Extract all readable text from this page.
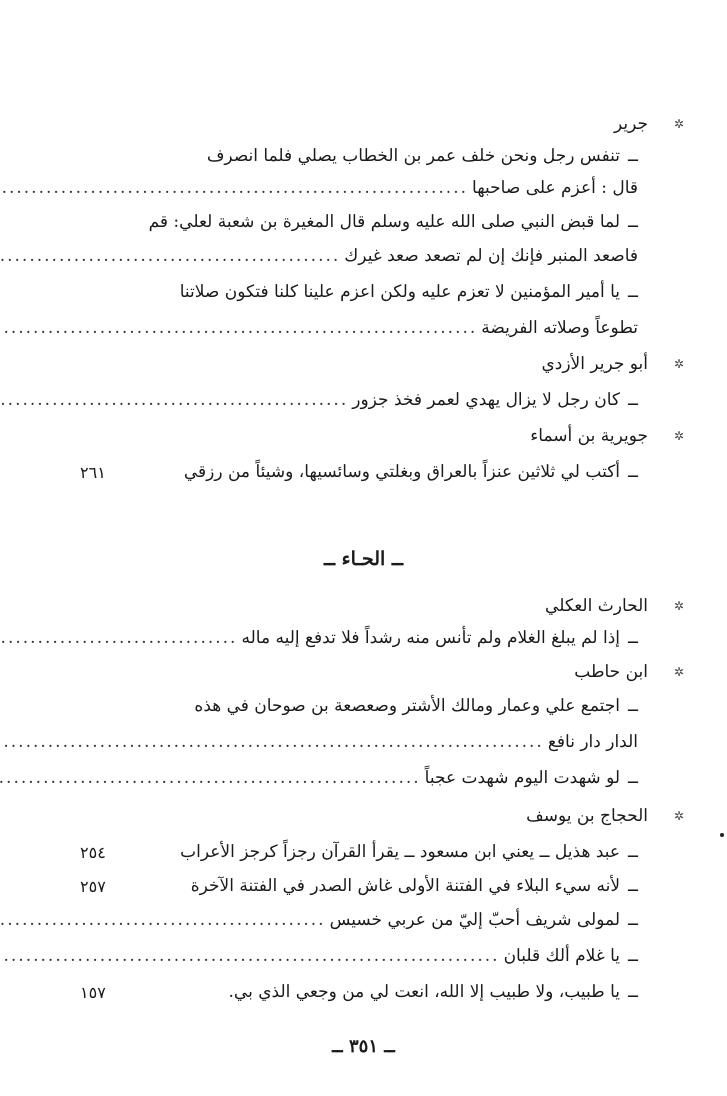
✲
جرير
ــ
تنفس رجل ونحن خلف عمر بن الخطاب يصلي فلما انصرف
قال : أعزم على صاحبها
.....
ــ
لما قبض النبي صلى الله عليه وسلم قال المغيرة بن شعبة لعلي: قم
فاصعد المنبر فإنك إن لم تصعد صعد غيرك
.....
ــ
يا أمير المؤمنين لا تعزم عليه ولكن اعزم علينا كلنا فتكون صلاتنا
تطوعاً وصلاته الفريضة
.....
✲
أبو جرير الأزدي
ــ
كان رجل لا يزال يهدي لعمر فخذ جزور
.....
✲
جويرية بن أسماء
ــ
أكتب لي ثلاثين عنزاً بالعراق وبغلتي وسائسيها، وشيئاً من رزقي
٢٦١
ــ الحـاء ــ
✲
الحارث العكلي
ــ
إذا لم يبلغ الغلام ولم تأنس منه رشداً فلا تدفع إليه ماله
.....
✲
ابن حاطب
ــ
اجتمع علي وعمار ومالك الأشتر وصعصعة بن صوحان في هذه
الدار دار نافع
.....
ــ
لو شهدت اليوم شهدت عجباً
.....
✲
الحجاج بن يوسف
ــ
عبد هذيل ــ يعني ابن مسعود ــ يقرأ القرآن رجزاً كرجز الأعراب
٢٥٤
ــ
لأنه سيء البلاء في الفتنة الأولى غاش الصدر في الفتنة الآخرة
٢٥٧
ــ
لمولى شريف أحبّ إليّ من عربي خسيس
.....
ــ
يا غلام ألك قلبان
.....
ــ
يا طبيب، ولا طبيب إلا الله، انعت لي من وجعي الذي بي.
١٥٧
ــ ٣٥١ ــ
